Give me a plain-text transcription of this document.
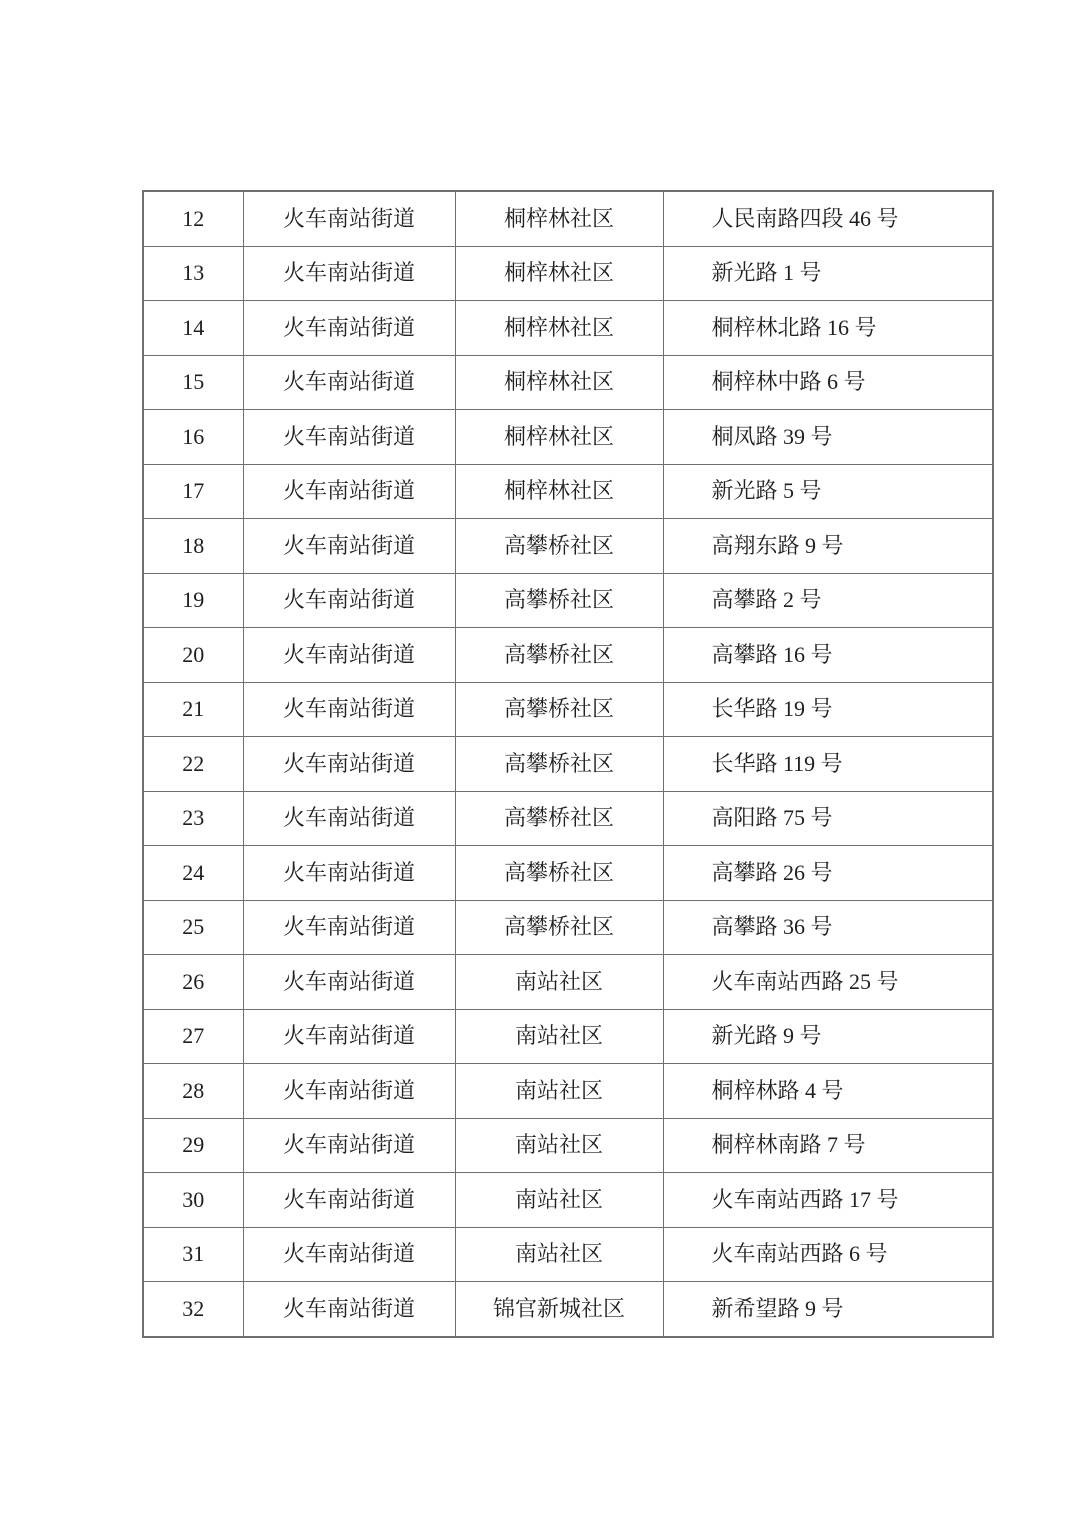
12	火车南站街道	桐梓林社区	人民南路四段 46 号
13	火车南站街道	桐梓林社区	新光路 1 号
14	火车南站街道	桐梓林社区	桐梓林北路 16 号
15	火车南站街道	桐梓林社区	桐梓林中路 6 号
16	火车南站街道	桐梓林社区	桐凤路 39 号
17	火车南站街道	桐梓林社区	新光路 5 号
18	火车南站街道	高攀桥社区	高翔东路 9 号
19	火车南站街道	高攀桥社区	高攀路 2 号
20	火车南站街道	高攀桥社区	高攀路 16 号
21	火车南站街道	高攀桥社区	长华路 19 号
22	火车南站街道	高攀桥社区	长华路 119 号
23	火车南站街道	高攀桥社区	高阳路 75 号
24	火车南站街道	高攀桥社区	高攀路 26 号
25	火车南站街道	高攀桥社区	高攀路 36 号
26	火车南站街道	南站社区	火车南站西路 25 号
27	火车南站街道	南站社区	新光路 9 号
28	火车南站街道	南站社区	桐梓林路 4 号
29	火车南站街道	南站社区	桐梓林南路 7 号
30	火车南站街道	南站社区	火车南站西路 17 号
31	火车南站街道	南站社区	火车南站西路 6 号
32	火车南站街道	锦官新城社区	新希望路 9 号
